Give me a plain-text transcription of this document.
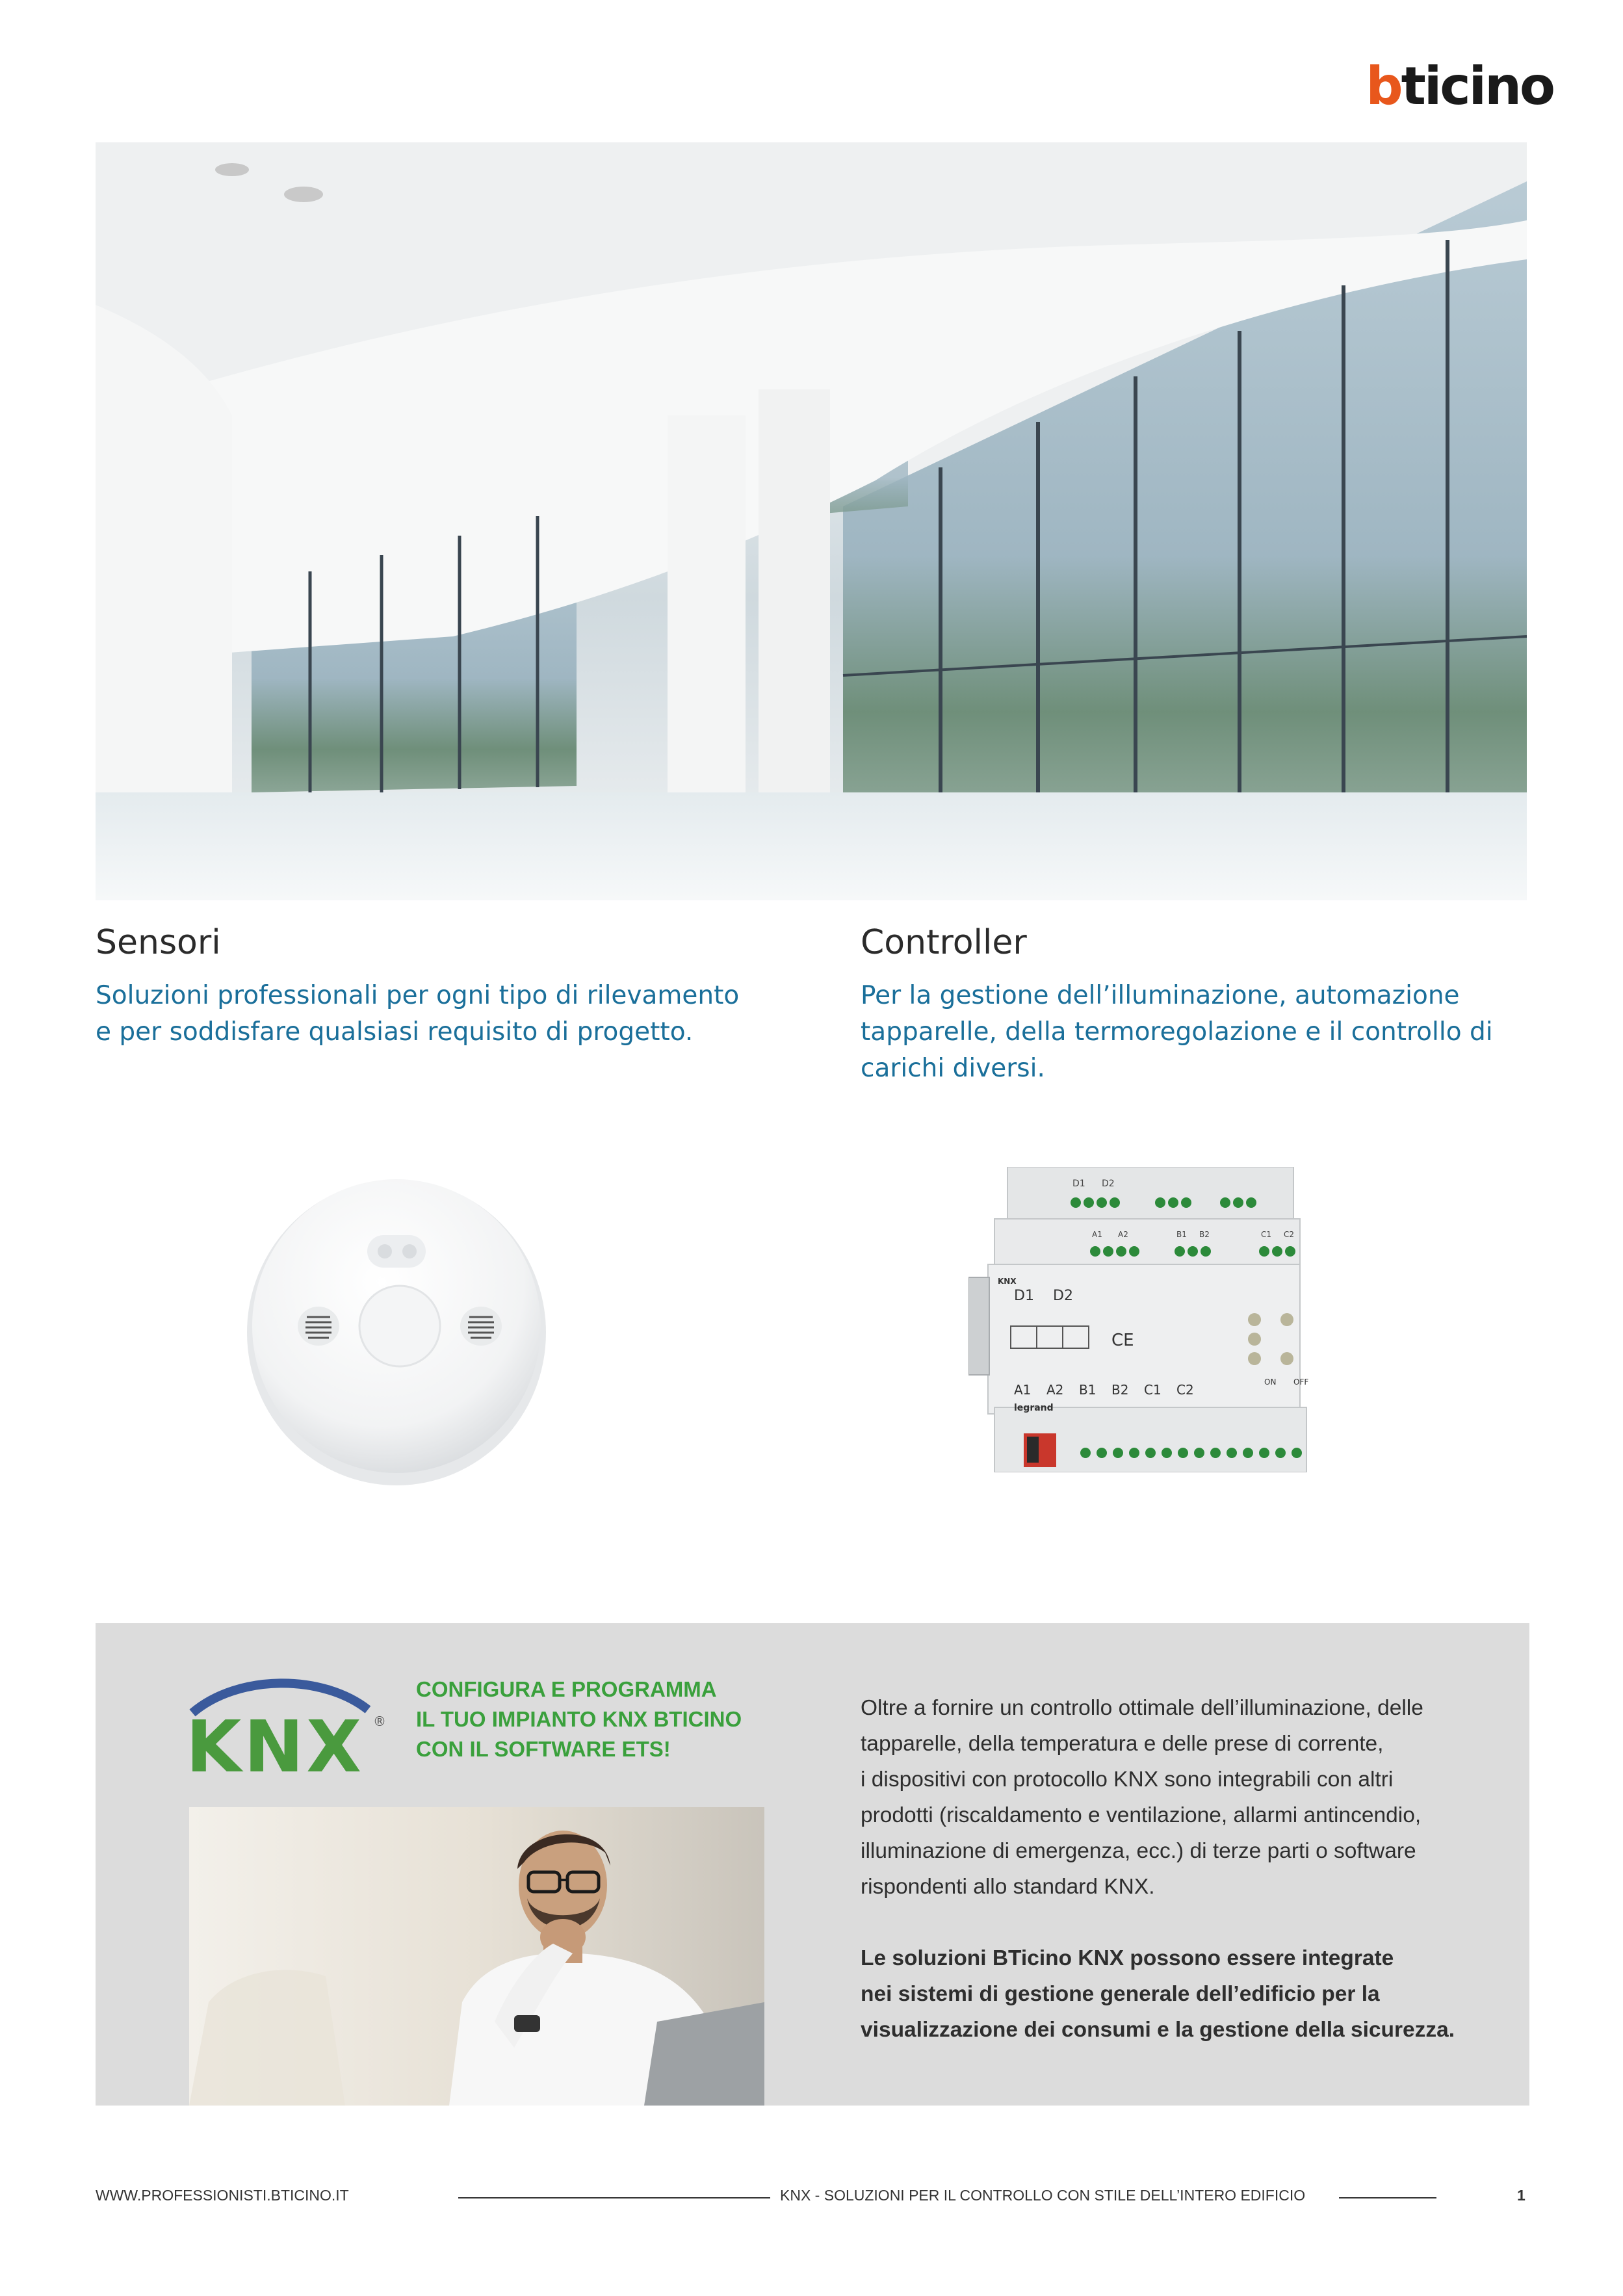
bticino
Sensori
Soluzioni professionali per ogni tipo di rilevamento
e per soddisfare qualsiasi requisito di progetto.
Controller
Per la gestione dell’illuminazione, automazione
tapparelle, della termoregolazione e il controllo di
carichi diversi.
D1 D2
A1 A2	B1 B2	C1 C2
KNX
D1 D2
CE
ON OFF
A1 A2 B1 B2 C1 C2
legrand
KNX ®
CONFIGURA E PROGRAMMA
IL TUO IMPIANTO KNX BTICINO
CON IL SOFTWARE ETS!
Oltre a fornire un controllo ottimale dell’illuminazione, delle
tapparelle, della temperatura e delle prese di corrente,
i dispositivi con protocollo KNX sono integrabili con altri
prodotti (riscaldamento e ventilazione, allarmi antincendio,
illuminazione di emergenza, ecc.) di terze parti o software
rispondenti allo standard KNX.
Le soluzioni BTicino KNX possono essere integrate
nei sistemi di gestione generale dell’edificio per la
visualizzazione dei consumi e la gestione della sicurezza.
WWW.PROFESSIONISTI.BTICINO.IT	KNX - SOLUZIONI PER IL CONTROLLO CON STILE DELL’INTERO EDIFICIO	1
